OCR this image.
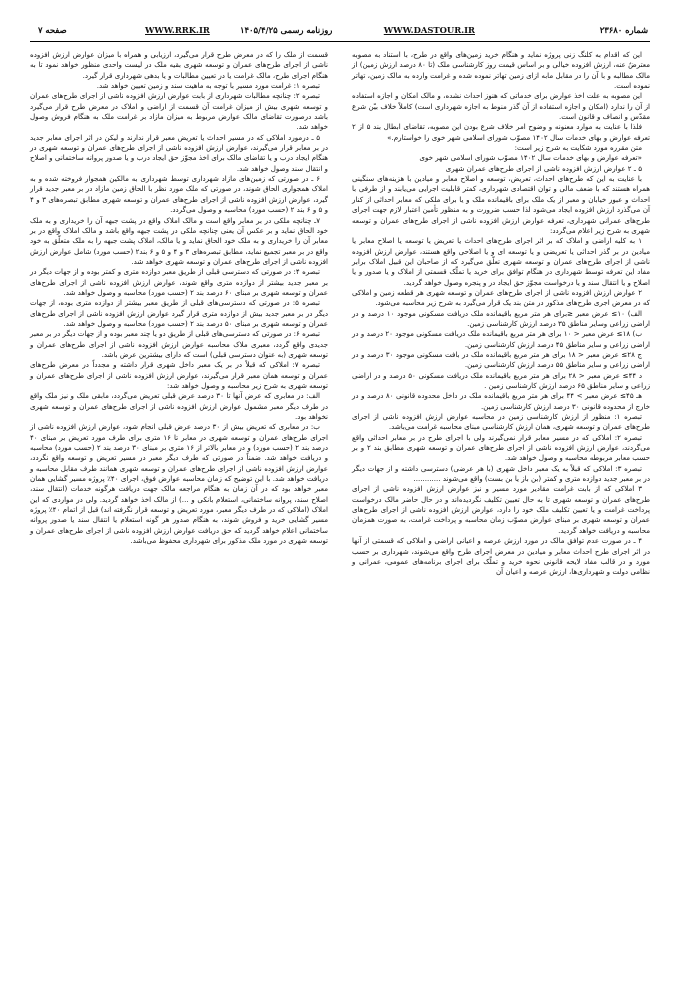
شماره ۲۳۶۸۰
WWW.DASTOUR.IR
روزنامه رسمی ۱۴۰۵/۴/۲۵
WWW.RRK.IR
صفحه ۷

این که اقدام به کلنگ زنی پروژه نماید و هنگام خرید زمین‌های واقع در طرح، با استناد به مصوبه معترضٌ عنه، ارزش افزوده خیالی و بر اساس قیمت روز کارشناسی ملک (تا ۸۰ درصد ارزش زمین) از مالک مطالبه و با آن را در مقابل مابه ازای زمین تهاتر نموده شده و غرامت وارده به مالک زمین، تهاتر نموده است.

این مصوبه به علت اخذ عوارض برای خدماتی که هنوز احداث نشده، و مالک امکان و اجازه استفاده از آن را ندارد (امکان و اجازه استفاده از آن گذر منوط به اجازه شهرداری است) کاملاً خلاف بیّن شرع مقدّس و انصاف و قانون است.

فلذا با عنایت به موارد معنونه و وضوح امر خلاف شرع بودن این مصوبه، تقاضای ابطال بند ۵ از ۲ تعرفه عوارض و بهای خدمات سال ۱۴۰۲ مصوّب شورای اسلامی شهر خوی را خواستارم.»

متن مقرره مورد شکایت به شرح زیر است:

«تعرفه عوارض و بهای خدمات سال ۱۴۰۲ مصوّب شورای اسلامی شهر خوی

۵ ـ ۲ عوارض ارزش افزوده ناشی از اجرای طرح‌های عمران شهری

با عنایت به این که طرح‌های احداث، تعریض، توسعه و اصلاح معابر و میادین با هزینه‌های سنگینی همراه هستند که با ضعف مالی و توان اقتصادی شهرداری، کمتر قابلیت اجرایی می‌یابند و از طرفی با احداث و عبور خیابان و معبر از یک ملک برای باقیمانده ملک و یا برای ملکی که معابر احداثی از کنار آن می‌گذرد ارزش افزوده ایجاد می‌شود لذا حسب ضرورت و به منظور تأمین اعتبار لازم جهت اجرای طرح‌های عمرانی شهرداری، تعرفه عوارض ارزش افزوده ناشی از اجرای طرح‌های عمران و توسعه شهری به شرح زیر اعلام می‌گردد:

۱ به کلیه اراضی و املاک که بر اثر اجرای طرح‌های احداث یا تعریض یا توسعه یا اصلاح معابر یا میادین در بر گذر احداثی یا تعریضی و یا توسعه ای و یا اصلاحی واقع هستند، عوارض ارزش افزوده ناشی از اجرای طرح‌های عمران و توسعه شهری تعلّق می‌گیرد که از صاحبان این قبیل املاک برابر مفاد این تعرفه توسط شهرداری در هنگام توافق برای خرید یا تملّک قسمتی از املاک و یا صدور و یا اصلاح و یا انتقال سند و یا درخواست مجوّز حق ایجاد در و پنجره وصول خواهد گردید.

۲ عوارض ارزش افزوده ناشی از اجرای طرح‌های عمران و توسعه شهری هر قطعه زمین و املاکی که در معرض اجری طرح‌های مذکور در متن بند یک قرار می‌گیرد به شرح زیر محاسبه می‌شود.

الف) ۱۰≥ عرض معبر ≤برای هر متر مربع باقیمانده ملک دریافت مسکونی موجود ۱۰ درصد و در اراضی زراعی وسایر مناطق ۳۵ درصد ارزش کارشناسی زمین.

ب) ۱۸≥ عرض معبر < ۱۰ برای هر متر مربع باقیمانده ملک دریافت مسکونی موجود ۲۰ درصد و در اراضی زراعی و سایر مناطق ۴۵ درصد ارزش کارشناسی زمین.

ج ۲۸≥ عرض معبر < ۱۸ برای هر متر مربع باقیمانده ملک در بافت مسکونی موجود ۳۰ درصد و در اراضی زراعی و سایر مناطق ۵۵ درصد ارزش کارشناسی زمین.

د ۴۴≥ عرض معبر < ۲۸ برای هر متر مربع باقیمانده ملک دریافت مسکونی ۵۰ درصد و در اراضی زراعی و سایر مناطق ۶۵ درصد ارزش کارشناسی زمین .

هـ ۴۵≥ عرض معبر > ۴۴ برای هر متر مربع باقیمانده ملک در داخل محدوده قانونی ۸۰ درصد و در خارج از محدوده قانونی ۳۰ درصد ارزش کارشناسی زمین.

تبصره ۱: منظور از ارزش کارشناسی زمین در محاسبه عوارض ارزش افزوده ناشی از اجرای طرح‌های عمران و توسعه شهری، همان ارزش کارشناسی مبنای محاسبه غرامت می‌باشد.

تبصره ۲: املاکی که در مسیر معابر قرار نمی‌گیرند ولی با اجرای طرح در بر معابر احداثی واقع می‌گردند، عوارض ارزش افزوده ناشی از اجرای طرح‌های عمران و توسعه شهری مطابق بند ۲ و بر حسب معابر مربوطه محاسبه و وصول خواهد شد.

تبصره ۳: املاکی که قبلاً به یک معبر داخل شهری (با هر عرضی) دسترسی داشته و از جهات دیگر در بر معبر جدید دوازده متری و کمتر (بن باز یا بن بست) واقع می‌شوند ............

۳ املاکی که از بابت غرامت مقادیر مورد مسیر و نیز عوارض ارزش افزوده ناشی از اجرای طرح‌های عمران و توسعه شهری تا به حال تعیین تکلیف نگردیده‌اند و در حال حاضر مالک درخواست پرداخت غرامت و یا تعیین تکلیف ملک خود را دارد، عوارض ارزش افزوده ناشی از اجرای طرح‌های عمران و توسعه شهری بر مبنای عوارض مصوّب زمان محاسبه و پرداخت غرامت، به صورت همزمان محاسبه و دریافت خواهد گردید.

۴ ـ در صورت عدم توافق مالک در مورد ارزش عرصه و اعیانی اراضی و املاکی که قسمتی از آنها در اثر اجرای طرح احداث معابر و میادین در معرض اجرای طرح واقع می‌شوند، شهرداری بر حسب مورد و در قالب مفاد لایحه قانونی نحوه خرید و تملّک برای اجرای برنامه‌های عمومی، عمرانی و نظامی دولت و شهرداری‌ها، ارزش عرصه و اعیان آن

قسمت از ملک را که در معرض طرح قرار می‌گیرد، ارزیابی و همراه با میزان عوارض ارزش افزوده ناشی از اجرای طرح‌های عمران و توسعه شهری بقیه ملک در لیست واحدی منظور خواهد نمود تا به هنگام اجرای طرح، مالک غرامت یا در تعیین مطالبات و یا بدهی شهرداری قرار گیرد.

تبصره ۱: غرامت مورد مسیر با توجه به ماهیت سند و زمین تعیین خواهد شد.

تبصره ۲: چنانچه مطالبات شهرداری از بابت عوارض ارزش افزوده ناشی از اجرای طرح‌های عمران و توسعه شهری بیش از میزان غرامت آن قسمت از اراضی و املاک در معرض طرح قرار می‌گیرد باشد درصورت تقاضای مالک عوارض مربوط به میزان مازاد بر غرامت ملک به هنگام فروش وصول خواهد شد.

۵ ـ درمورد املاکی که در مسیر احداث یا تعریض معبر قرار ندارند و لیکن در اثر اجرای معابر جدید در بر معابر قرار می‌گیرند، عوارض ارزش افزوده ناشی از اجرای طرح‌های عمران و توسعه شهری در هنگام ایجاد درب و یا تقاضای مالک برای اخذ مجوّز حق ایجاد درب و یا صدور پروانه ساختمانی و اصلاح و انتقال سند وصول خواهد شد.

۶ ـ در صورتی که زمین‌های مازاد شهرداری توسط شهرداری به مالکین همجوار فروخته شده و به املاک همجواری الحاق شوند، در صورتی که ملک مورد نظر با الحاق زمین مازاد در بر معبر جدید قرار گیرد، عوارض ارزش افزوده ناشی از اجرای طرح‌های عمران و توسعه شهری مطابق تبصره‌های ۳ و ۴ و ۵ و ۶ بند ۲ (حسب مورد) محاسبه و وصول می‌گردد.

۷ـ چنانچه ملکی در بر معابر واقع است و مالک املاک واقع در پشت جبهه آن را خریداری و به ملک خود الحاق نماید و بر عکس آن یعنی چنانچه ملکی در پشت جبهه واقع باشد و مالک املاک واقع در بر معابر آن را خریداری و به ملک خود الحاق نماید و یا مالک، املاک پشت جبهه را به ملک متعلّق به خود واقع در بر معبر تجمیع نماید، مطابق تبصره‌های ۳ و ۴ و ۵ و ۶ بند۲ (حسب مورد) شامل عوارض ارزش افزوده ناشی از اجرای طرح‌های عمران و توسعه شهری خواهد شد.

تبصره ۴: در صورتی که دسترسی قبلی از طریق معبر دوازده متری و کمتر بوده و از جهات دیگر در بر معبر جدید بیشتر از دوازده متری واقع شوند، عوارض ارزش افزوده ناشی از اجرای طرح‌های عمران و توسعه شهری بر مبنای ۶۰ درصد بند ۲ (حسب مورد) محاسبه و وصول خواهد شد.

تبصره ۵: در صورتی که دسترسی‌های قبلی از طریق معبر بیشتر از دوازده متری بوده، از جهات دیگر در بر معبر جدید بیش از دوازده متری قرار گیرد عوارض ارزش افزوده ناشی از اجرای طرح‌های عمران و توسعه شهری بر مبنای ۵۰ درصد بند ۲ (حسب مورد) محاسبه و وصول خواهد شد.

تبصره ۶: در صورتی که دسترسی‌های قبلی از طریق دو یا چند معبر بوده و از جهات دیگر در بر معبر جدیدی واقع گردد، معبری ملاک محاسبه عوارض ارزش افزوده ناشی از اجرای طرح‌های عمران و توسعه شهری (به عنوان دسترسی قبلی) است که دارای بیشترین عرض باشد.

تبصره ۷: املاکی که قبلاً در بر یک معبر داخل شهری قرار داشته و مجدداً در معرض طرح‌های عمران و توسعه همان معبر قرار می‌گیرند، عوارض ارزش افزوده ناشی از اجرای طرح‌های عمران و توسعه شهری به شرح زیر محاسبه و وصول خواهد شد:

الف: در معابری که عرض آنها تا ۳۰ درصد عرض قبلی تعریض می‌گردد، مابقی ملک و نیز ملک واقع در طرف دیگر معبر مشمول عوارض ارزش افزوده ناشی از اجرای طرح‌های عمران و توسعه شهری نخواهد بود.

ب: در معابری که تعریض بیش از ۳۰ درصد عرض قبلی انجام شود، عوارض ارزش افزوده ناشی از اجرای طرح‌های عمران و توسعه شهری در معابر تا ۱۶ متری برای طرف مورد تعریض بر مبنای ۴۰ درصد بند ۲ (حسب مورد) و در معابر بالاتر از ۱۶ متری بر مبنای ۳۰ درصد بند ۲ (حسب مورد) محاسبه و دریافت خواهد شد. ضمناً در صورتی که طرف دیگر معبر در مسیر تعریض و توسعه واقع نگردد، عوارض ارزش افزوده ناشی از اجرای طرح‌های عمران و توسعه شهری همانند طرف مقابل محاسبه و دریافت خواهد شد. با این توضیح که زمان محاسبه عوارض فوق، اجرای ۴۰٪ پروژه مسیر گشایی همان معبر خواهد بود که در آن زمان به هنگام مراجعه مالک جهت دریافت هرگونه خدمات (انتقال سند، اصلاح سند، پروانه ساختمانی، استعلام بانکی و ...) از مالک اخذ خواهد گردید. ولی در مواردی که این املاک (املاکی که در طرف دیگر معبر، مورد تعریض و توسعه قرار نگرفته اند) قبل از اتمام ۴۰٪ پروژه مسیر گشایی خرید و فروش شوند، به هنگام صدور هر گونه استعلام یا انتقال سند یا صدور پروانه ساختمانی اعلام خواهد گردید که حق دریافت عوارض ارزش افزوده ناشی از اجرای طرح‌های عمران و توسعه شهری در مورد ملک مذکور برای شهرداری محفوظ می‌باشد.
